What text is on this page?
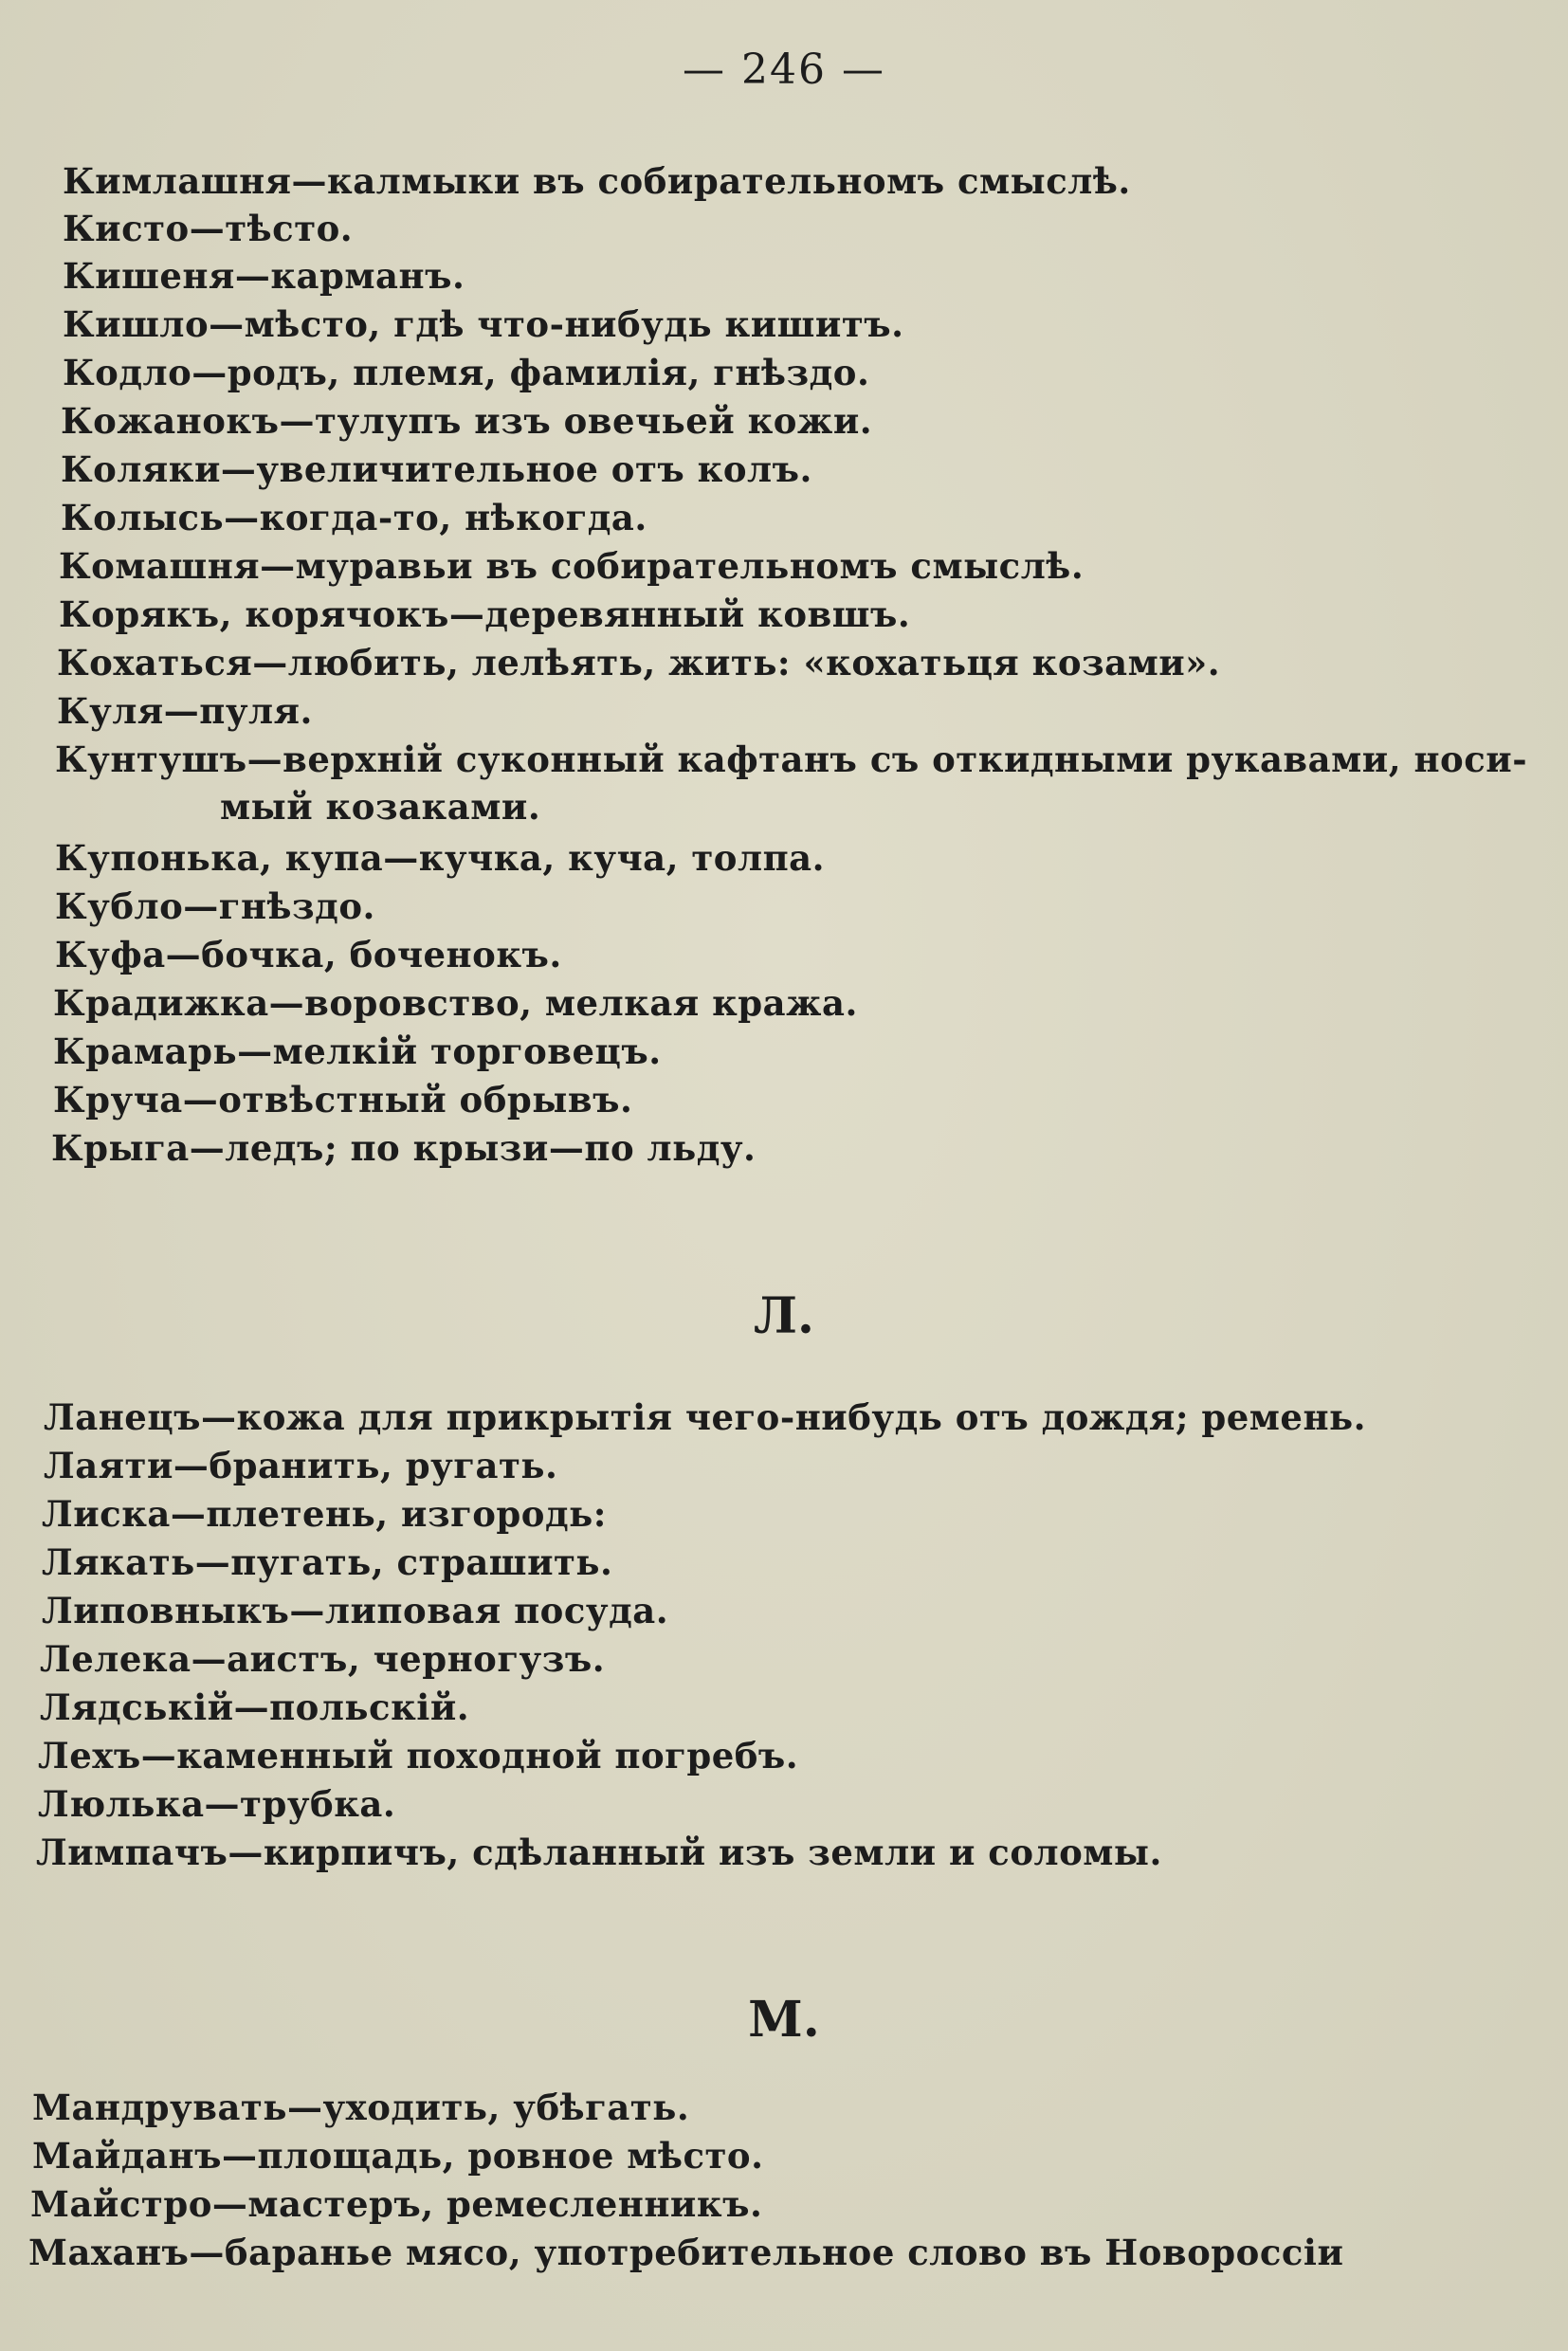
— 246 —
Кимлашня—калмыки въ собирательномъ смыслѣ.
Кисто—тѣсто.
Кишеня—карманъ.
Кишло—мѣсто, гдѣ что-нибудь кишитъ.
Кодло—родъ, племя, фамилія, гнѣздо.
Кожанокъ—тулупъ изъ овечьей кожи.
Коляки—увеличительное отъ колъ.
Колысь—когда-то, нѣкогда.
Комашня—муравьи въ собирательномъ смыслѣ.
Корякъ, корячокъ—деревянный ковшъ.
Кохаться—любить, лелѣять, жить: «кохатьця козами».
Куля—пуля.
Кунтушъ—верхній суконный кафтанъ съ откидными рукавами, носи-
мый козаками.
Купонька, купа—кучка, куча, толпа.
Кубло—гнѣздо.
Куфа—бочка, боченокъ.
Крадижка—воровство, мелкая кража.
Крамарь—мелкій торговецъ.
Круча—отвѣстный обрывъ.
Крыга—ледъ; по крызи—по льду.
Л.
Ланецъ—кожа для прикрытія чего-нибудь отъ дождя; ремень.
Лаяти—бранить, ругать.
Лиска—плетень, изгородь:
Лякать—пугать, страшить.
Липовныкъ—липовая посуда.
Лелека—аистъ, черногузъ.
Лядській—польскій.
Лехъ—каменный походной погребъ.
Люлька—трубка.
Лимпачъ—кирпичъ, сдѣланный изъ земли и соломы.
М.
Мандрувать—уходить, убѣгать.
Майданъ—площадь, ровное мѣсто.
Майстро—мастеръ, ремесленникъ.
Маханъ—баранье мясо, употребительное слово въ Новороссіи
